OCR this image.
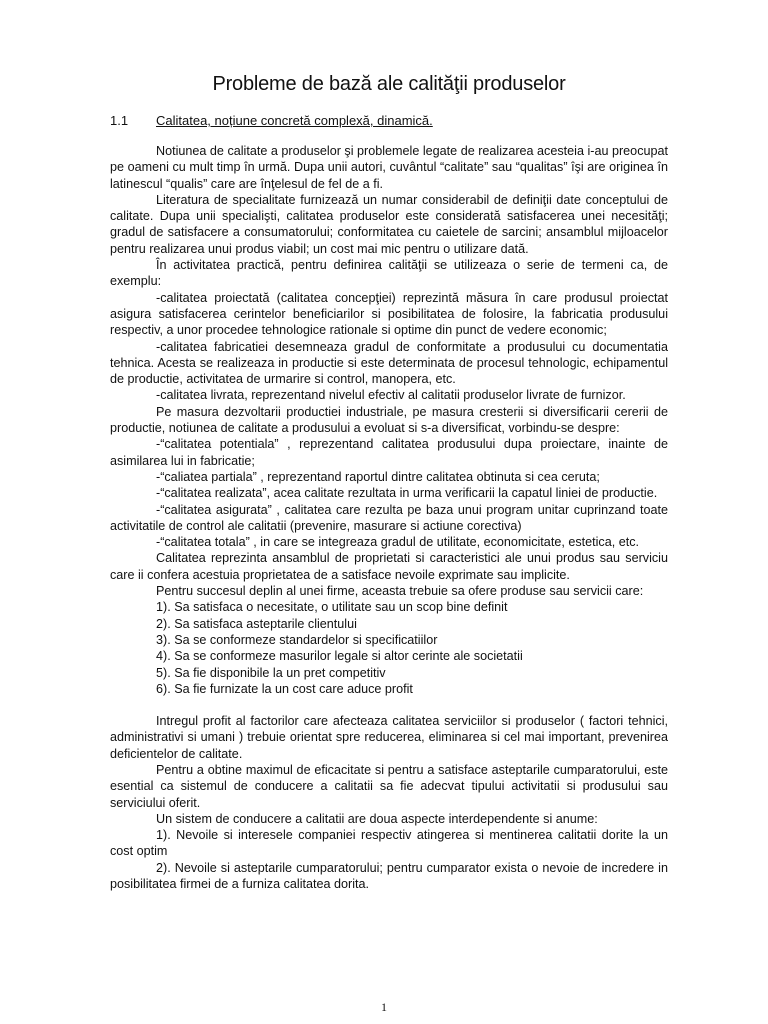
Probleme de bază ale calităţii produselor
1.1	Calitatea, noțiune concretă complexă, dinamică.

Notiunea de calitate a produselor şi problemele legate de realizarea acesteia i-au preocupat pe oameni cu mult timp în urmă. Dupa unii autori, cuvântul “calitate” sau “qualitas” îşi are originea în latinescul “qualis” care are înţelesul de fel de a fi.

Literatura de specialitate furnizează un numar considerabil de definiţii date conceptului de calitate. Dupa unii specialişti, calitatea produselor este considerată satisfacerea unei necesităţi; gradul de satisfacere a consumatorului; conformitatea cu caietele de sarcini; ansamblul mijloacelor pentru realizarea unui produs viabil; un cost mai mic pentru o utilizare dată.

În activitatea practică, pentru definirea calităţii se utilizeaza o serie de termeni ca, de exemplu:

-calitatea proiectată (calitatea concepţiei) reprezintă măsura în care produsul proiectat asigura satisfacerea cerintelor beneficiarilor si posibilitatea de folosire, la fabricatia produsului respectiv, a unor procedee tehnologice rationale si optime din punct de vedere economic;

-calitatea fabricatiei desemneaza gradul de conformitate a produsului cu documentatia tehnica. Acesta se realizeaza in productie si este determinata de procesul tehnologic, echipamentul de productie, activitatea de urmarire si control, manopera, etc.

-calitatea livrata, reprezentand nivelul efectiv al calitatii produselor livrate de furnizor.

Pe masura dezvoltarii productiei industriale, pe masura cresterii si diversificarii cererii de productie, notiunea de calitate a produsului a evoluat si s-a diversificat, vorbindu-se despre:

-“calitatea potentiala” , reprezentand calitatea produsului dupa proiectare, inainte de asimilarea lui in fabricatie;

-“caliatea partiala” , reprezentand raportul dintre calitatea obtinuta si cea ceruta;

-“calitatea realizata”, acea calitate rezultata in urma verificarii la capatul liniei de productie.

-“calitatea asigurata” , calitatea care rezulta pe baza unui program unitar cuprinzand toate activitatile de control ale calitatii (prevenire, masurare si actiune corectiva)

-“calitatea totala” , in care se integreaza gradul de utilitate, economicitate, estetica, etc.

Calitatea reprezinta ansamblul de proprietati si caracteristici ale unui produs sau serviciu care ii confera acestuia proprietatea de a satisface nevoile exprimate sau implicite.

Pentru succesul deplin al unei firme, aceasta trebuie sa ofere produse sau servicii care:

1). Sa satisfaca o necesitate, o utilitate sau un scop bine definit

2). Sa satisfaca asteptarile clientului

3). Sa se conformeze standardelor si specificatiilor

4). Sa se conformeze masurilor legale si altor cerinte ale societatii

5). Sa fie disponibile la un pret competitiv

6). Sa fie furnizate la un cost care aduce profit

Intregul profit al factorilor care afecteaza calitatea serviciilor si produselor ( factori tehnici, administrativi si umani ) trebuie orientat spre reducerea, eliminarea si cel mai important, prevenirea deficientelor de calitate.

Pentru a obtine maximul de eficacitate si pentru a satisface asteptarile cumparatorului, este esential ca sistemul de conducere a calitatii sa fie adecvat tipului activitatii si produsului sau serviciului oferit.

Un sistem de conducere a calitatii are doua aspecte interdependente si anume:

1). Nevoile si interesele companiei respectiv atingerea si mentinerea calitatii dorite la un cost optim

2). Nevoile si asteptarile cumparatorului; pentru cumparator exista o nevoie de incredere in posibilitatea firmei de a furniza calitatea dorita.

1
